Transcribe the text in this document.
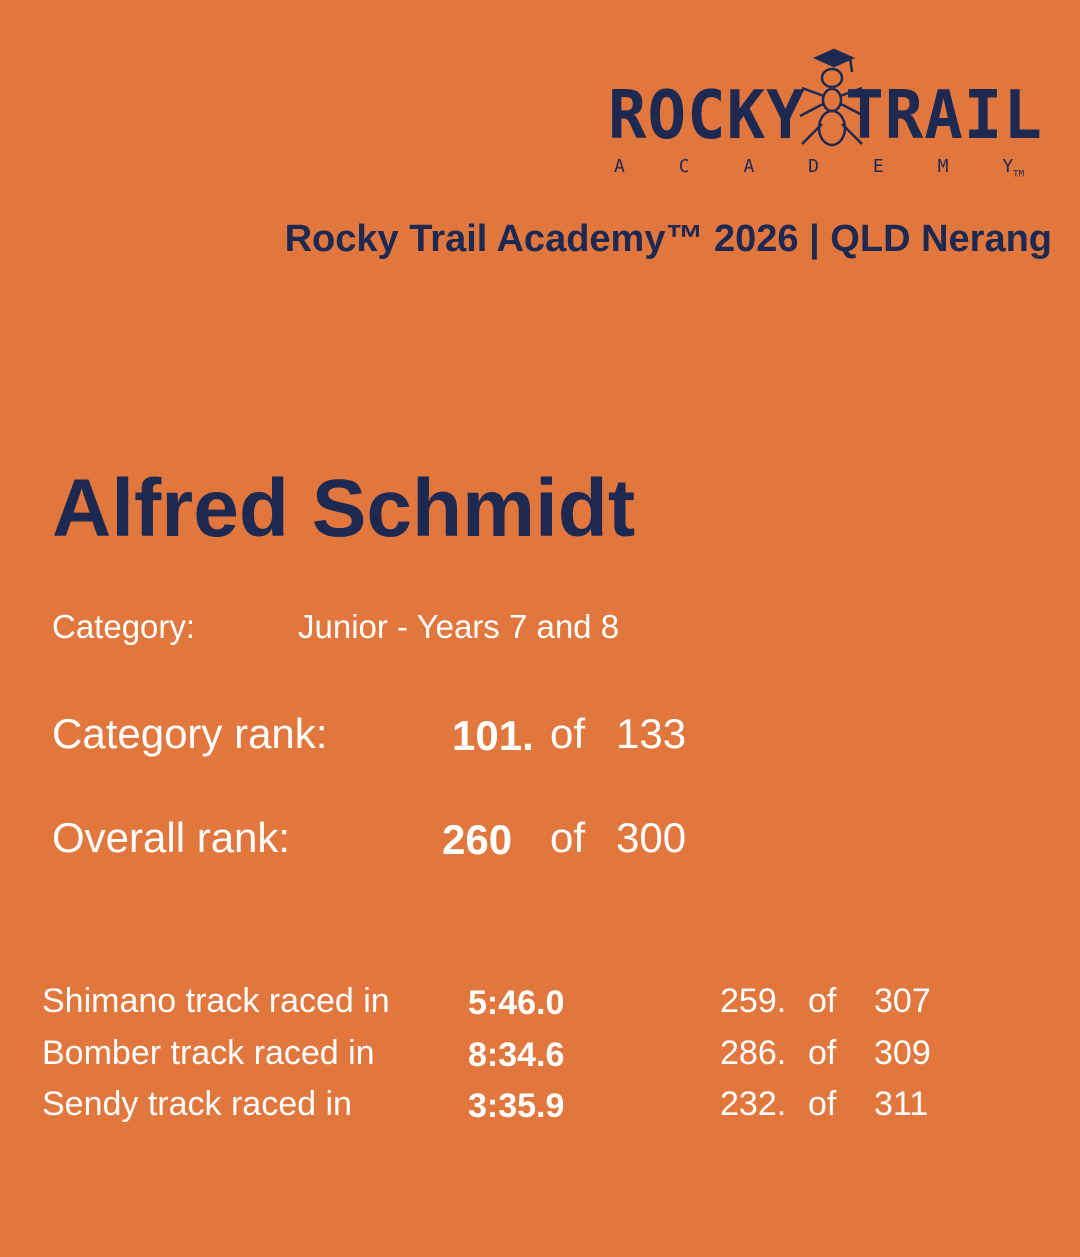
ROCKY TRAIL
A	C	A	D	E	M	$Y_{TM}$
Rocky Trail Academy™ 2026 | QLD Nerang
Alfred Schmidt
Category:	Junior - Years 7 and 8
Category rank:	101. of 133
Overall rank:	260 of 300
Shimano track raced in 5:46.0	259. of 307
Bomber track raced in	8:34.6	286. of 309
Sendy track raced in	3:35.9	232. of 311
